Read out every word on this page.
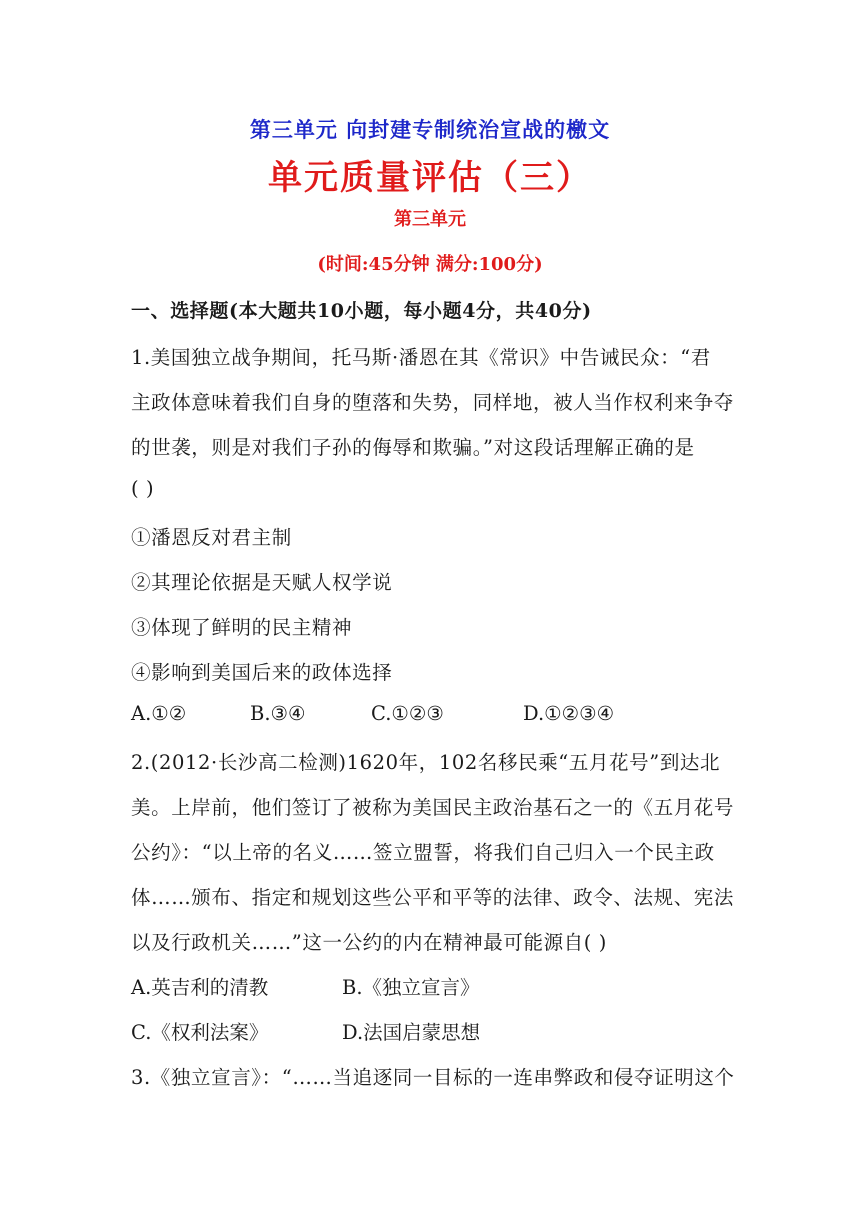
第三单元 向封建专制统治宣战的檄文
单元质量评估（三）
第三单元
(时间:45分钟 满分:100分)
一、选择题(本大题共10小题，每小题4分，共40分)
1.美国独立战争期间，托马斯·潘恩在其《常识》中告诫民众：“君
主政体意味着我们自身的堕落和失势，同样地，被人当作权利来争夺
的世袭，则是对我们子孙的侮辱和欺骗。”对这段话理解正确的是
( )
①潘恩反对君主制
②其理论依据是天赋人权学说
③体现了鲜明的民主精神
④影响到美国后来的政体选择
A.①②	B.③④	C.①②③	D.①②③④
2.(2012·长沙高二检测)1620年，102名移民乘“五月花号”到达北
美。上岸前，他们签订了被称为美国民主政治基石之一的《五月花号
公约》：“以上帝的名义……签立盟誓，将我们自己归入一个民主政
体……颁布、指定和规划这些公平和平等的法律、政令、法规、宪法
以及行政机关……”这一公约的内在精神最可能源自( )
A.英吉利的清教	B.《独立宣言》
C.《权利法案》	D.法国启蒙思想
3.《独立宣言》：“……当追逐同一目标的一连串弊政和侵夺证明这个
